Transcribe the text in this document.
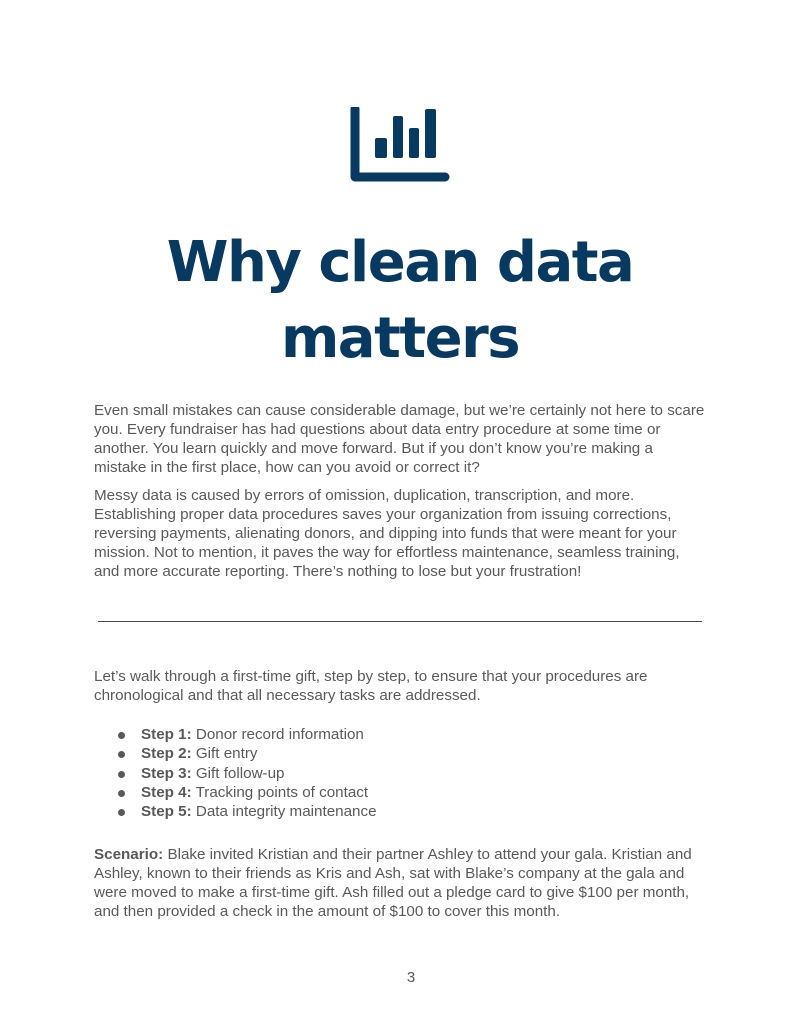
Why clean data
matters

Even small mistakes can cause considerable damage, but we’re certainly not here to scare you. Every fundraiser has had questions about data entry procedure at some time or another. You learn quickly and move forward. But if you don’t know you’re making a mistake in the first place, how can you avoid or correct it?

Messy data is caused by errors of omission, duplication, transcription, and more. Establishing proper data procedures saves your organization from issuing corrections, reversing payments, alienating donors, and dipping into funds that were meant for your mission. Not to mention, it paves the way for effortless maintenance, seamless training, and more accurate reporting. There’s nothing to lose but your frustration!

Let’s walk through a first-time gift, step by step, to ensure that your procedures are chronological and that all necessary tasks are addressed.

Step 1: Donor record information
Step 2: Gift entry
Step 3: Gift follow-up
Step 4: Tracking points of contact
Step 5: Data integrity maintenance

Scenario: Blake invited Kristian and their partner Ashley to attend your gala. Kristian and Ashley, known to their friends as Kris and Ash, sat with Blake’s company at the gala and were moved to make a first-time gift. Ash filled out a pledge card to give $100 per month, and then provided a check in the amount of $100 to cover this month.

3
